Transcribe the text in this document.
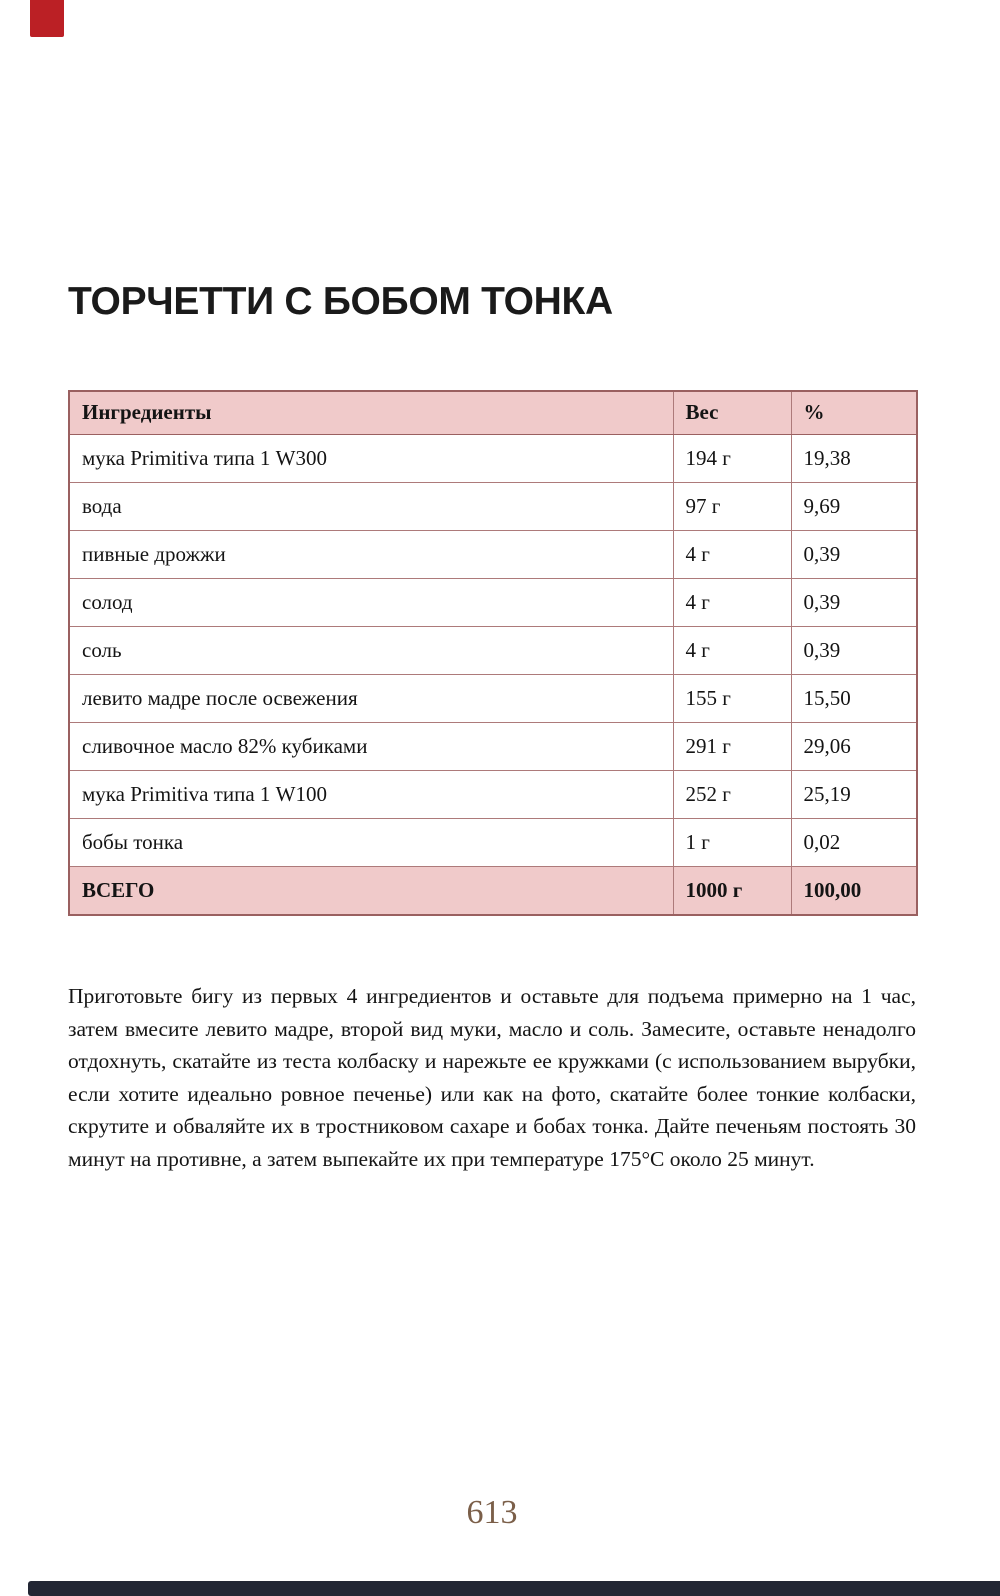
ТОРЧЕТТИ С БОБОМ ТОНКА
Ингредиенты	Вес	%
мука Primitiva типа 1 W300	194 г	19,38
вода	97 г	9,69
пивные дрожжи	4 г	0,39
солод	4 г	0,39
соль	4 г	0,39
левито мадре после освежения	155 г	15,50
сливочное масло 82% кубиками	291 г	29,06
мука Primitiva типа 1 W100	252 г	25,19
бобы тонка	1 г	0,02
ВСЕГО	1000 г	100,00

Приготовьте бигу из первых 4 ингредиентов и оставьте для подъема примерно на 1 час, затем вмесите левито мадре, второй вид муки, масло и соль. Замесите, оставьте ненадолго отдохнуть, скатайте из теста колбаску и нарежьте ее кружками (с использованием вырубки, если хотите идеально ровное печенье) или как на фото, скатайте более тонкие колбаски, скрутите и обваляйте их в тростниковом сахаре и бобах тонка. Дайте печеньям постоять 30 минут на противне, а затем выпекайте их при температуре 175°С около 25 минут.

613
